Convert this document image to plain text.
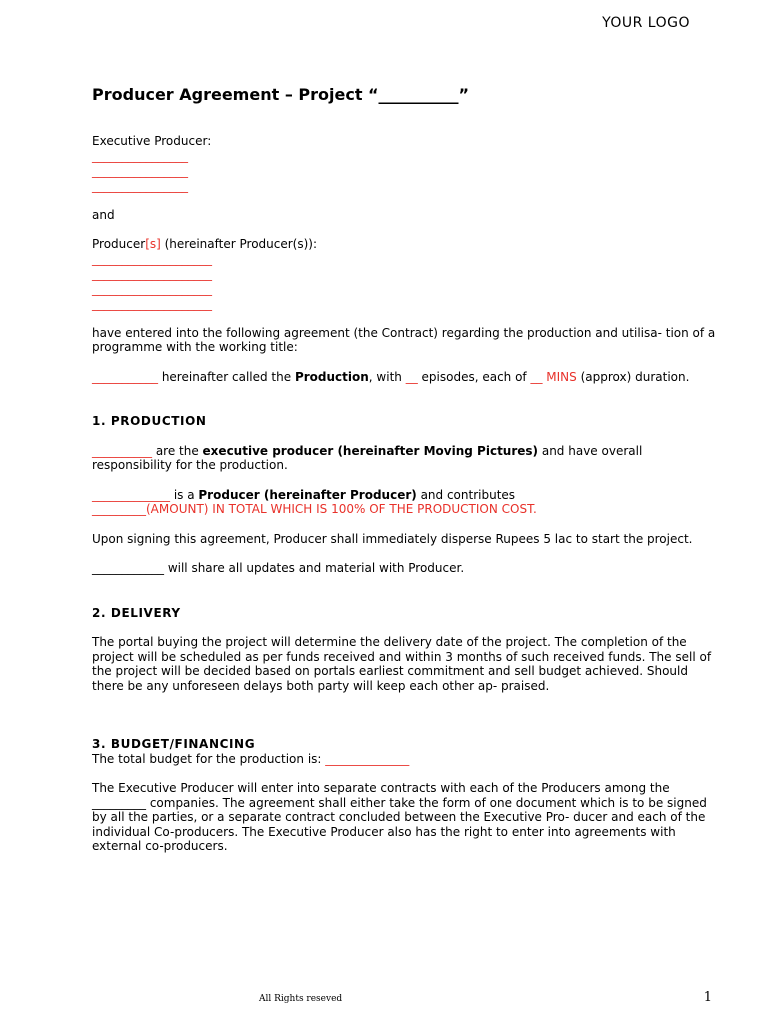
YOUR LOGO

Producer Agreement – Project “__________”

Executive Producer:

________________
________________
________________

and

Producer[s] (hereinafter Producer(s)):

____________________
____________________
____________________
____________________

have entered into the following agreement (the Contract) regarding the production and utilisa- tion of a programme with the working title:

___________ hereinafter called the Production, with __ episodes, each of __ MINS (approx) duration.

1. PRODUCTION

__________ are the executive producer (hereinafter Moving Pictures) and have overall responsibility for the production.

_____________ is a Producer (hereinafter Producer) and contributes
_________(AMOUNT) IN TOTAL WHICH IS 100% OF THE PRODUCTION COST.

Upon signing this agreement, Producer shall immediately disperse Rupees 5 lac to start the project.

____________ will share all updates and material with Producer.

2. DELIVERY

The portal buying the project will determine the delivery date of the project. The completion of the project will be scheduled as per funds received and within 3 months of such received funds. The sell of the project will be decided based on portals earliest commitment and sell budget achieved. Should there be any unforeseen delays both party will keep each other ap- praised.

3. BUDGET/FINANCING

The total budget for the production is: ______________

The Executive Producer will enter into separate contracts with each of the Producers among the _________ companies. The agreement shall either take the form of one document which is to be signed by all the parties, or a separate contract concluded between the Executive Pro- ducer and each of the individual Co-producers. The Executive Producer also has the right to enter into agreements with external co-producers.

All Rights reseved	1
